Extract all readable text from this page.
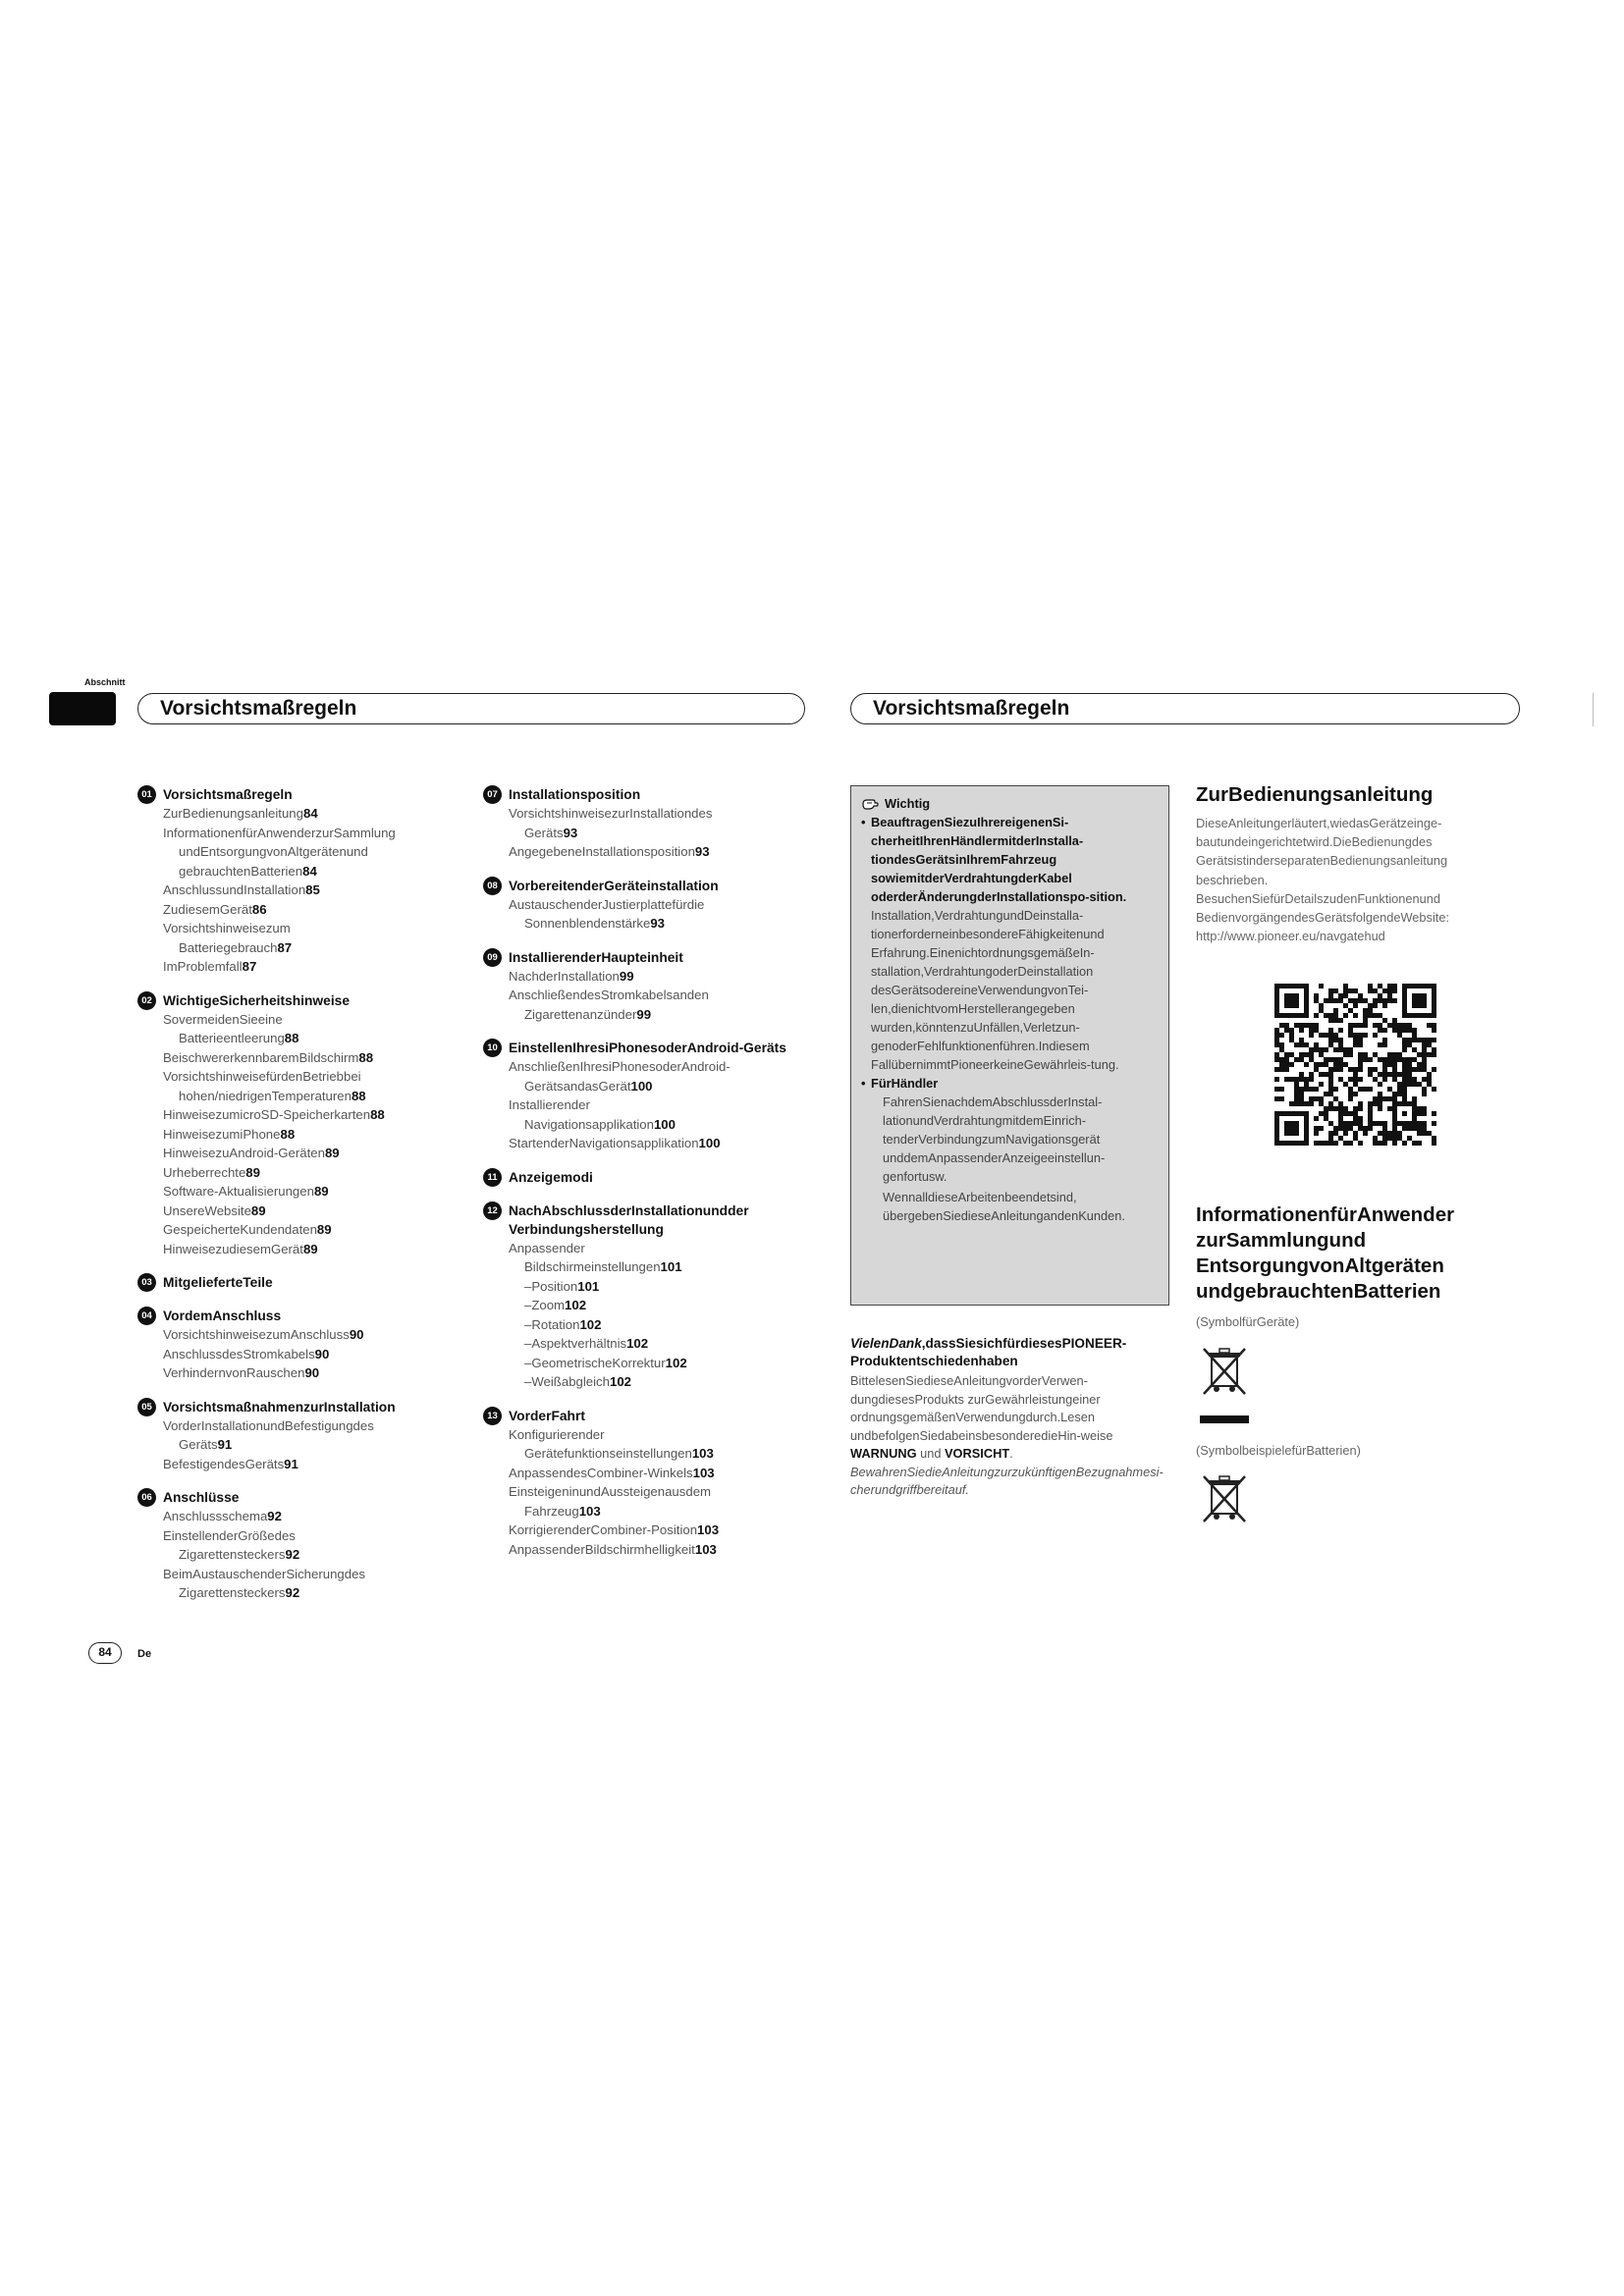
Abschnitt
Vorsichtsmaßregeln	Vorsichtsmaßregeln
01 Vorsichtsmaßregeln
ZurBedienungsanleitung84
InformationenfürAnwenderzurSammlung
undEntsorgungvonAltgerätenund
gebrauchtenBatterien84
AnschlussundInstallation85
ZudiesemGerät86
Vorsichtshinweisezum
Batteriegebrauch87
ImProblemfall87
02 WichtigeSicherheitshinweise
SovermeidenSieeine
Batterieentleerung88
BeischwererkennbaremBildschirm88
VorsichtshinweisefürdenBetriebbei
hohen/niedrigenTemperaturen88
HinweisezumicroSD-Speicherkarten88
HinweisezumiPhone88
HinweisezuAndroid-Geräten89
Urheberrechte89
Software-Aktualisierungen89
UnsereWebsite89
GespeicherteKundendaten89
HinweisezudiesemGerät89
03 MitgelieferteTeile
04 VordemAnschluss
VorsichtshinweisezumAnschluss90
AnschlussdesStromkabels90
VerhindernvonRauschen90
05 VorsichtsmaßnahmenzurInstallation
VorderInstallationundBefestigungdes
Geräts91
BefestigendesGeräts91
06 Anschlüsse
Anschlussschema92
EinstellenderGrößedes
Zigarettensteckers92
BeimAustauschenderSicherungdes
Zigarettensteckers92
07 Installationsposition
VorsichtshinweisezurInstallationdes
Geräts93
AngegebeneInstallationsposition93
08 VorbereitenderGeräteinstallation
AustauschenderJustierplattefürdie
Sonnenblendenstärke93
09 InstallierenderHaupteinheit
NachderInstallation99
AnschließendesStromkabelsanden
Zigarettenanzünder99
10 EinstellenIhresiPhonesoderAndroid-Geräts
AnschließenIhresiPhonesoderAndroid-
GerätsandasGerät100
Installierender
Navigationsapplikation100
StartenderNavigationsapplikation100
11 Anzeigemodi
12 NachAbschlussderInstallationundder Verbindungsherstellung
Anpassender
Bildschirmeinstellungen101
–Position101
–Zoom102
–Rotation102
–Aspektverhältnis102
–GeometrischeKorrektur102
–Weißabgleich102
13 VorderFahrt
Konfigurierender
Gerätefunktionseinstellungen103
AnpassendesCombiner-Winkels103
EinsteigeninundAussteigenausdem
Fahrzeug103
KorrigierenderCombiner-Position103
AnpassenderBildschirmhelligkeit103
Wichtig
• BeauftragenSiezuIhrereigenenSi-cherheitIhrenHändlermitderInstalla-tiondesGerätsinIhremFahrzeug sowiemitderVerdrahtungderKabel oderderÄnderungderInstallationspo-sition.
Installation,VerdrahtungundDeinstalla-tionerforderneinbesondereFähigkeitenund Erfahrung.EinenichtordnungsgemäßeIn-stallation,VerdrahtungoderDeinstallation desGerätsodereineVerwendungvonTei-len,dienichtvomHerstellerangegeben wurden,könntenzuUnfällen,Verletzun-genoderFehlfunktionenführen.Indiesem FallübernimmtPioneerkeineGewährleis-tung.
• FürHändler
FahrenSienachdemAbschlussderInstal-lationundVerdrahtungmitdemEinrich-tenderVerbindungzumNavigationsgerät unddemAnpassenderAnzeigeeinstellun-genfortusw.
WennalldieseArbeitenbeendetsind, übergebenSiedieseAnleitungandenKunden.
VielenDank,dassSiesichfürdiesesPIONEER-Produktentschiedenhaben
BittelesenSiedieseAnleitungvorderVerwen-dungdiesesProdukts zurGewährleistungeiner ordnungsgemäßenVerwendungdurch.Lesen undbefolgenSiedabeinsbesonderedieHin-weise WARNUNG und VORSICHT. BewahrenSiedieAnleitungzurzukünftigenBezugnahmesi-cherundgriffbereitauf.
ZurBedienungsanleitung
DieseAnleitungerläutert,wiedasGerätzeinge-bautundeingerichtetwird.DieBedienungdes GerätsistinderseparatenBedienungsanleitung beschrieben.
BesuchenSiefürDetailszudenFunktionenund BedienvorgängendesGerätsfolgendeWebsite:
http://www.pioneer.eu/navgatehud
InformationenfürAnwender zurSammlungund EntsorgungvonAltgeräten undgebrauchtenBatterien
(SymbolfürGeräte)
(SymbolbeispielefürBatterien)
84	De
